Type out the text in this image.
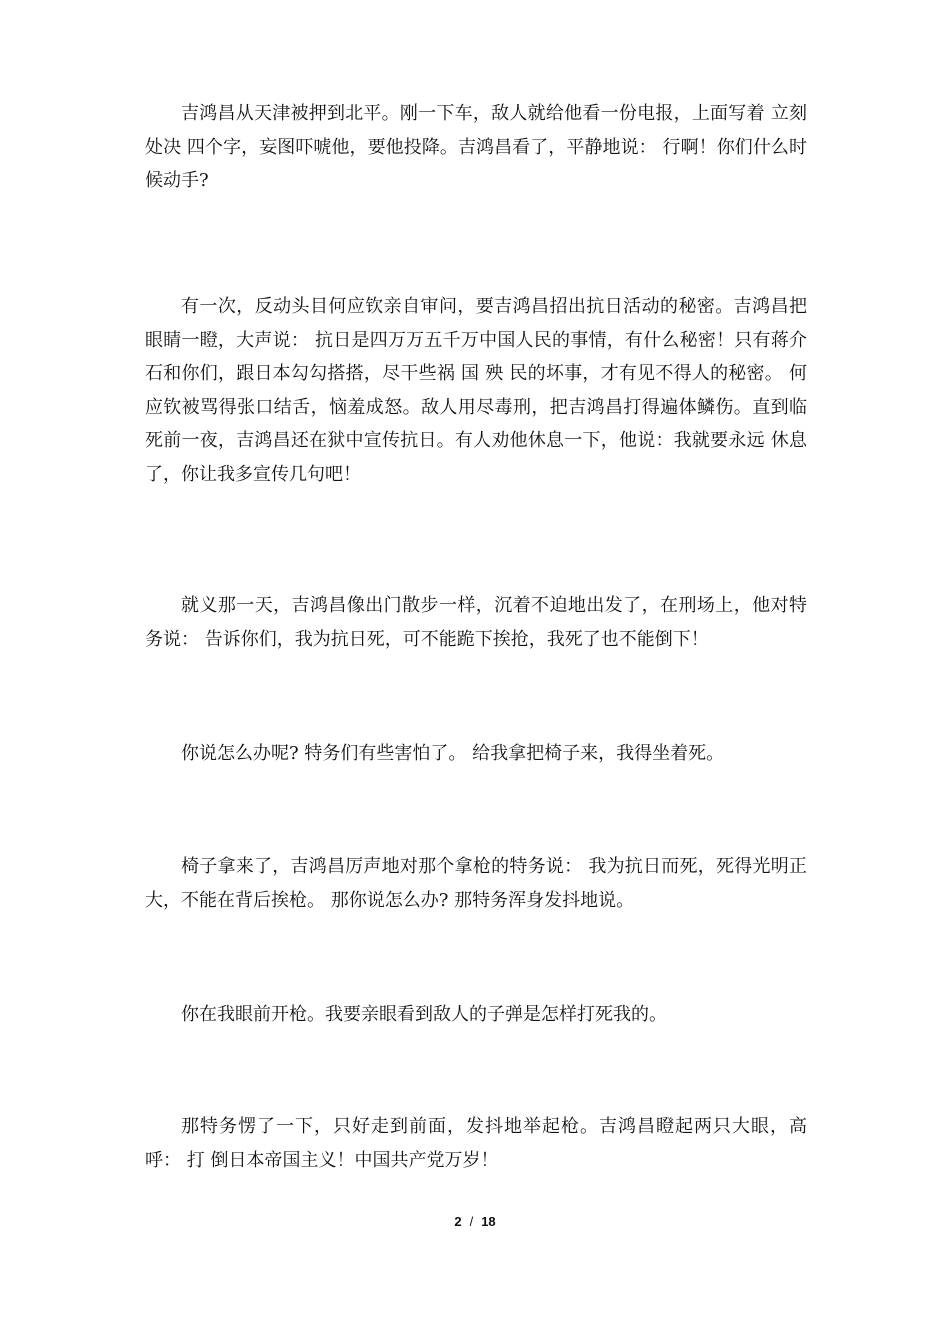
吉鸿昌从天津被押到北平。刚一下车，敌人就给他看一份电报，上面写着 立刻处决 四个字，妄图吓唬他，要他投降。吉鸿昌看了，平静地说： 行啊！你们什么时候动手?

有一次，反动头目何应钦亲自审问，要吉鸿昌招出抗日活动的秘密。吉鸿昌把眼睛一瞪，大声说： 抗日是四万万五千万中国人民的事情，有什么秘密！只有蒋介石和你们，跟日本勾勾搭搭，尽干些祸 国 殃 民的坏事，才有见不得人的秘密。 何应钦被骂得张口结舌，恼羞成怒。敌人用尽毒刑，把吉鸿昌打得遍体鳞伤。直到临死前一夜，吉鸿昌还在狱中宣传抗日。有人劝他休息一下，他说：我就要永远 休息 了，你让我多宣传几句吧！

就义那一天，吉鸿昌像出门散步一样，沉着不迫地出发了，在刑场上，他对特务说： 告诉你们，我为抗日死，可不能跪下挨抢，我死了也不能倒下！

你说怎么办呢? 特务们有些害怕了。 给我拿把椅子来，我得坐着死。

椅子拿来了，吉鸿昌厉声地对那个拿枪的特务说： 我为抗日而死，死得光明正大，不能在背后挨枪。 那你说怎么办? 那特务浑身发抖地说。

你在我眼前开枪。我要亲眼看到敌人的子弹是怎样打死我的。

那特务愣了一下，只好走到前面，发抖地举起枪。吉鸿昌瞪起两只大眼，高呼： 打 倒日本帝国主义！中国共产党万岁！

2 / 18
